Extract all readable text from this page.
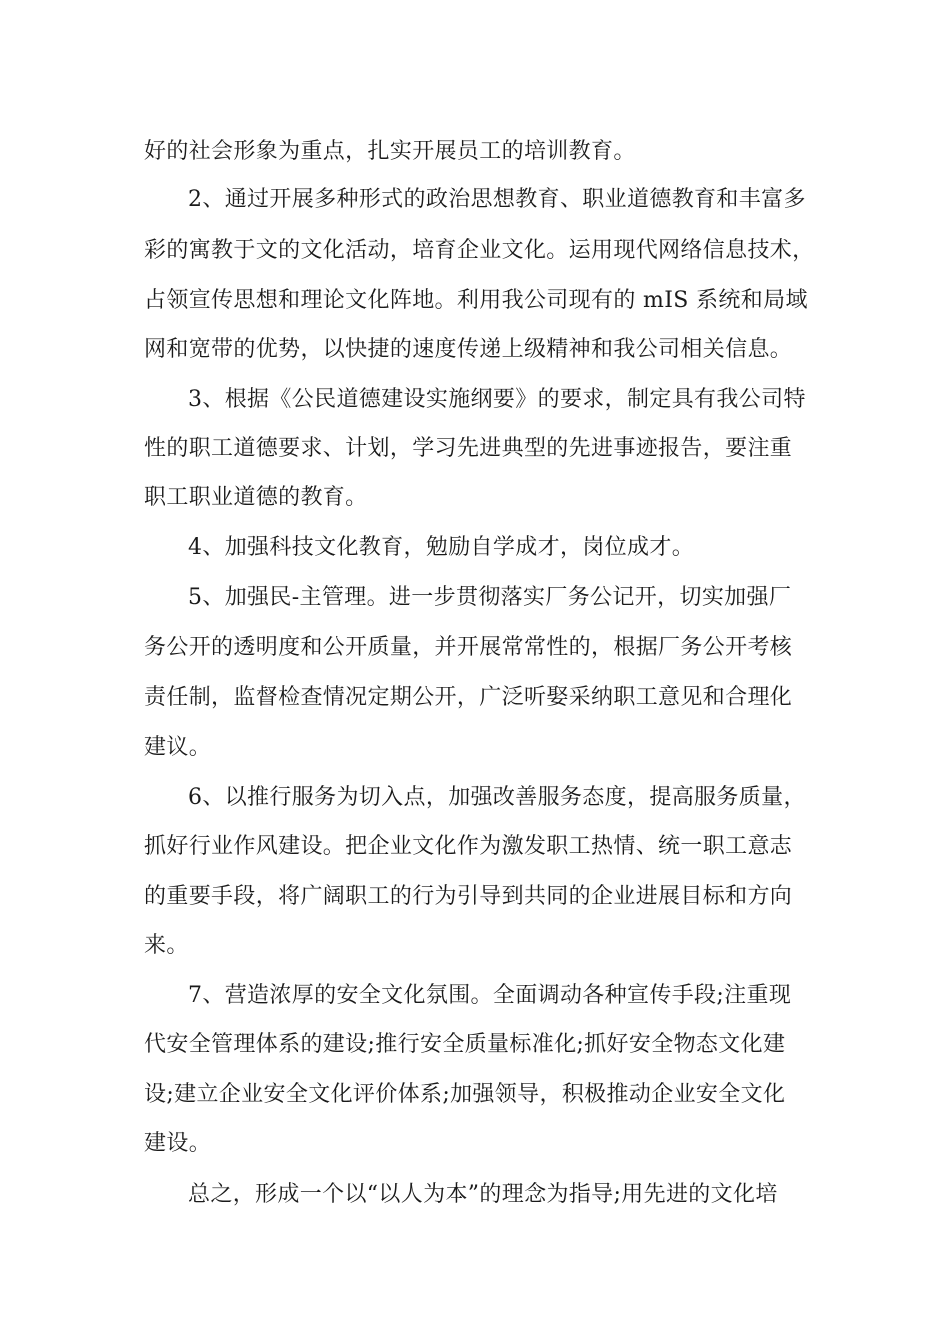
好的社会形象为重点，扎实开展员工的培训教育。
2、通过开展多种形式的政治思想教育、职业道德教育和丰富多
彩的寓教于文的文化活动，培育企业文化。运用现代网络信息技术，
占领宣传思想和理论文化阵地。利用我公司现有的 mIS 系统和局域
网和宽带的优势，以快捷的速度传递上级精神和我公司相关信息。
3、根据《公民道德建设实施纲要》的要求，制定具有我公司特
性的职工道德要求、计划，学习先进典型的先进事迹报告，要注重
职工职业道德的教育。
4、加强科技文化教育，勉励自学成才，岗位成才。
5、加强民-主管理。进一步贯彻落实厂务公记开，切实加强厂
务公开的透明度和公开质量，并开展常常性的，根据厂务公开考核
责任制，监督检查情况定期公开，广泛听娶采纳职工意见和合理化
建议。
6、以推行服务为切入点，加强改善服务态度，提高服务质量，
抓好行业作风建设。把企业文化作为激发职工热情、统一职工意志
的重要手段，将广阔职工的行为引导到共同的企业进展目标和方向
来。
7、营造浓厚的安全文化氛围。全面调动各种宣传手段;注重现
代安全管理体系的建设;推行安全质量标准化;抓好安全物态文化建
设;建立企业安全文化评价体系;加强领导，积极推动企业安全文化
建设。
总之，形成一个以“以人为本”的理念为指导;用先进的文化培
